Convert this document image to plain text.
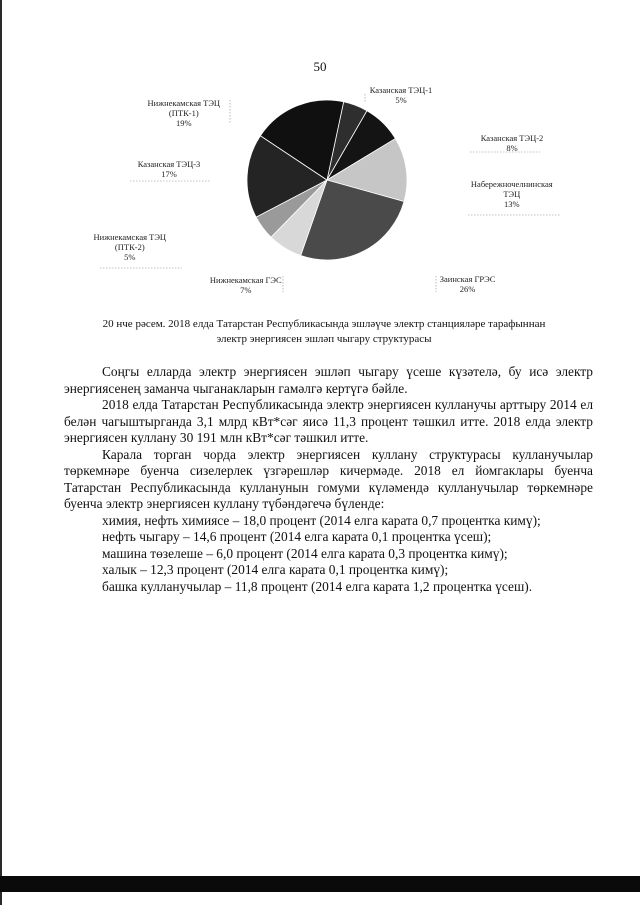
50
Казанская ТЭЦ-1 5%
Казанская ТЭЦ-2 8%
Набережночелнинская ТЭЦ 13%
Заинская ГРЭС 26%
Нижнекамская ГЭС 7%
Нижнекамская ТЭЦ (ПТК-2) 5%
Казанская ТЭЦ-3 17%
Нижнекамская ТЭЦ (ПТК-1) 19%
20 нче рәсем. 2018 елда Татарстан Республикасында эшләүче электр станцияләре тарафыннан
электр энергиясен эшләп чыгару структурасы

Соңгы елларда электр энергиясен эшләп чыгару үсеше күзәтелә, бу исә электр энергиясенең заманча чыганакларын гамәлгә кертүгә бәйле.

2018 елда Татарстан Республикасында электр энергиясен кулланучы арттыру 2014 ел белән чагыштырганда 3,1 млрд кВт*сәг яисә 11,3 процент тәшкил итте. 2018 елда электр энергиясен куллану 30 191 млн кВт*сәг тәшкил итте.

Карала торган чорда электр энергиясен куллану структурасы кулланучылар төркемнәре буенча сизелерлек үзгәрешләр кичермәде. 2018 ел йомгаклары буенча Татарстан Республикасында кулланунын гомуми күләмендә кулланучылар төркемнәре буенча электр энергиясен куллану түбәндәгечә бүленде:

химия, нефть химиясе – 18,0 процент (2014 елга карата 0,7 процентка кимү);

нефть чыгару – 14,6 процент (2014 елга карата 0,1 процентка үсеш);

машина төзелеше – 6,0 процент (2014 елга карата 0,3 процентка кимү);

халык – 12,3 процент (2014 елга карата 0,1 процентка кимү);

башка кулланучылар – 11,8 процент (2014 елга карата 1,2 процентка үсеш).
